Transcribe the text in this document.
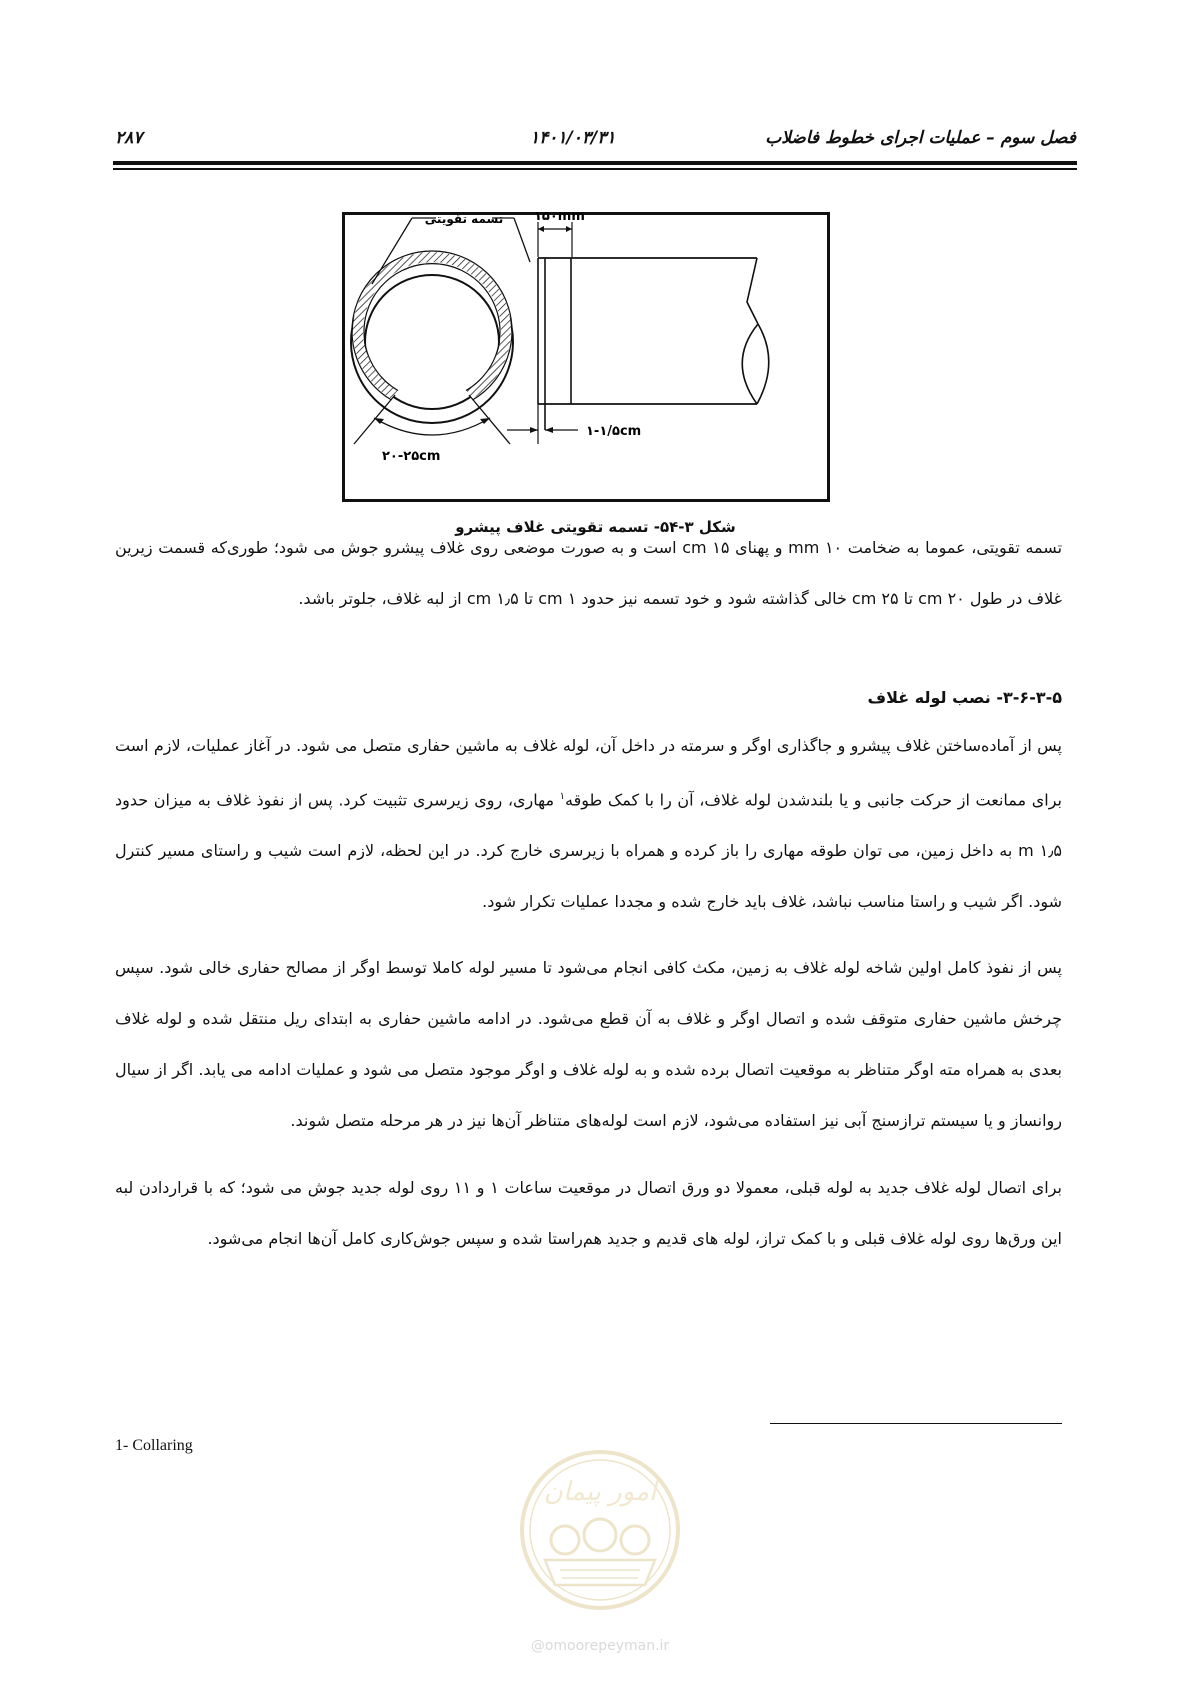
فصل سوم – عملیات اجرای خطوط فاضلاب
۱۴۰۱/۰۳/۳۱
۲۸۷
۲۰-۲۵cm
تسمه تقویتی ۱۵۰mm
۱-۱/۵cm
شکل ۳-۵۴- تسمه تقویتی غلاف پیشرو

تسمه تقویتی، عموما به ضخامت ۱۰ mm و پهنای ۱۵ cm است و به صورت موضعی روی غلاف پیشرو جوش می شود؛ طوری‌که قسمت زیرین غلاف در طول ۲۰ cm تا ۲۵ cm خالی گذاشته شود و خود تسمه نیز حدود ۱ cm تا ۱٫۵ cm از لبه غلاف، جلوتر باشد.

۳-۶-۳-۵- نصب لوله غلاف

پس از آماده‌ساختن غلاف پیشرو و جاگذاری اوگر و سرمته در داخل آن، لوله غلاف به ماشین حفاری متصل می شود. در آغاز عملیات، لازم است برای ممانعت از حرکت جانبی و یا بلندشدن لوله غلاف، آن را با کمک طوقه$^۱$ مهاری، روی زیرسری تثبیت کرد. پس از نفوذ غلاف به میزان حدود ۱٫۵ m به داخل زمین، می توان طوقه مهاری را باز کرده و همراه با زیرسری خارج کرد. در این لحظه، لازم است شیب و راستای مسیر کنترل شود. اگر شیب و راستا مناسب نباشد، غلاف باید خارج شده و مجددا عملیات تکرار شود.

پس از نفوذ کامل اولین شاخه لوله غلاف به زمین، مکث کافی انجام می‌شود تا مسیر لوله کاملا توسط اوگر از مصالح حفاری خالی شود. سپس چرخش ماشین حفاری متوقف شده و اتصال اوگر و غلاف به آن قطع می‌شود. در ادامه ماشین حفاری به ابتدای ریل منتقل شده و لوله غلاف بعدی به همراه مته اوگر متناظر به موقعیت اتصال برده شده و به لوله غلاف و اوگر موجود متصل می شود و عملیات ادامه می یابد. اگر از سیال روانساز و یا سیستم ترازسنج آبی نیز استفاده می‌شود، لازم است لوله‌های متناظر آن‌ها نیز در هر مرحله متصل شوند.

برای اتصال لوله غلاف جدید به لوله قبلی، معمولا دو ورق اتصال در موقعیت ساعات ۱ و ۱۱ روی لوله جدید جوش می شود؛ که با قراردادن لبه این ورق‌ها روی لوله غلاف قبلی و با کمک تراز، لوله های قدیم و جدید هم‌راستا شده و سپس جوش‌کاری کامل آن‌ها انجام می‌شود.

1- Collaring
امور پیمان
@omoorepeyman.ir
